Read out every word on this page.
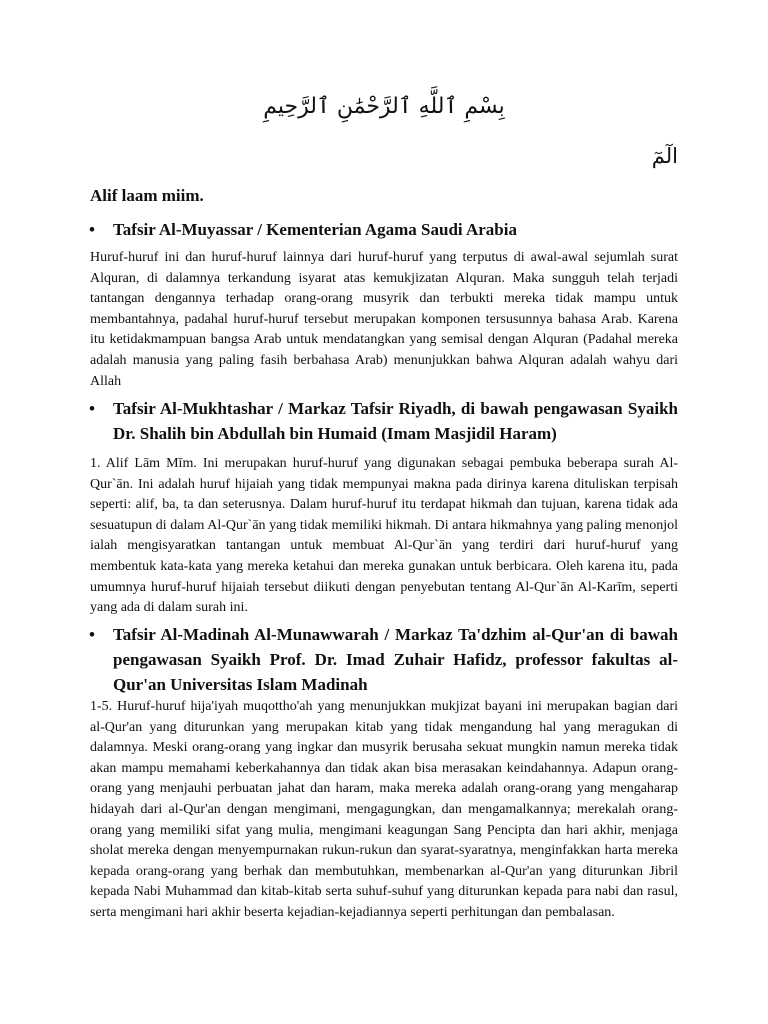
بِسْمِ ٱللَّهِ ٱلرَّحْمَٰنِ ٱلرَّحِيمِ
الٓمٓ
Alif laam miim.
• Tafsir Al-Muyassar / Kementerian Agama Saudi Arabia
Huruf-huruf ini dan huruf-huruf lainnya dari huruf-huruf yang terputus di awal-awal sejumlah surat Alquran, di dalamnya terkandung isyarat atas kemukjizatan Alquran. Maka sungguh telah terjadi tantangan dengannya terhadap orang-orang musyrik dan terbukti mereka tidak mampu untuk membantahnya, padahal huruf-huruf tersebut merupakan komponen tersusunnya bahasa Arab. Karena itu ketidakmampuan bangsa Arab untuk mendatangkan yang semisal dengan Alquran (Padahal mereka adalah manusia yang paling fasih berbahasa Arab) menunjukkan bahwa Alquran adalah wahyu dari Allah
• Tafsir Al-Mukhtashar / Markaz Tafsir Riyadh, di bawah pengawasan Syaikh Dr. Shalih bin Abdullah bin Humaid (Imam Masjidil Haram)
1. Alif Lām Mīm. Ini merupakan huruf-huruf yang digunakan sebagai pembuka beberapa surah Al-Qur`ān. Ini adalah huruf hijaiah yang tidak mempunyai makna pada dirinya karena dituliskan terpisah seperti: alif, ba, ta dan seterusnya. Dalam huruf-huruf itu terdapat hikmah dan tujuan, karena tidak ada sesuatupun di dalam Al-Qur`ān yang tidak memiliki hikmah. Di antara hikmahnya yang paling menonjol ialah mengisyaratkan tantangan untuk membuat Al-Qur`ān yang terdiri dari huruf-huruf yang membentuk kata-kata yang mereka ketahui dan mereka gunakan untuk berbicara. Oleh karena itu, pada umumnya huruf-huruf hijaiah tersebut diikuti dengan penyebutan tentang Al-Qur`ān Al-Karīm, seperti yang ada di dalam surah ini.
• Tafsir Al-Madinah Al-Munawwarah / Markaz Ta'dzhim al-Qur'an di bawah pengawasan Syaikh Prof. Dr. Imad Zuhair Hafidz, professor fakultas al-Qur'an Universitas Islam Madinah
1-5. Huruf-huruf hija'iyah muqottho'ah yang menunjukkan mukjizat bayani ini merupakan bagian dari al-Qur'an yang diturunkan yang merupakan kitab yang tidak mengandung hal yang meragukan di dalamnya. Meski orang-orang yang ingkar dan musyrik berusaha sekuat mungkin namun mereka tidak akan mampu memahami keberkahannya dan tidak akan bisa merasakan keindahannya. Adapun orang-orang yang menjauhi perbuatan jahat dan haram, maka mereka adalah orang-orang yang mengaharap hidayah dari al-Qur'an dengan mengimani, mengagungkan, dan mengamalkannya; merekalah orang-orang yang memiliki sifat yang mulia, mengimani keagungan Sang Pencipta dan hari akhir, menjaga sholat mereka dengan menyempurnakan rukun-rukun dan syarat-syaratnya, menginfakkan harta mereka kepada orang-orang yang berhak dan membutuhkan, membenarkan al-Qur'an yang diturunkan Jibril kepada Nabi Muhammad dan kitab-kitab serta suhuf-suhuf yang diturunkan kepada para nabi dan rasul, serta mengimani hari akhir beserta kejadian-kejadiannya seperti perhitungan dan pembalasan.
